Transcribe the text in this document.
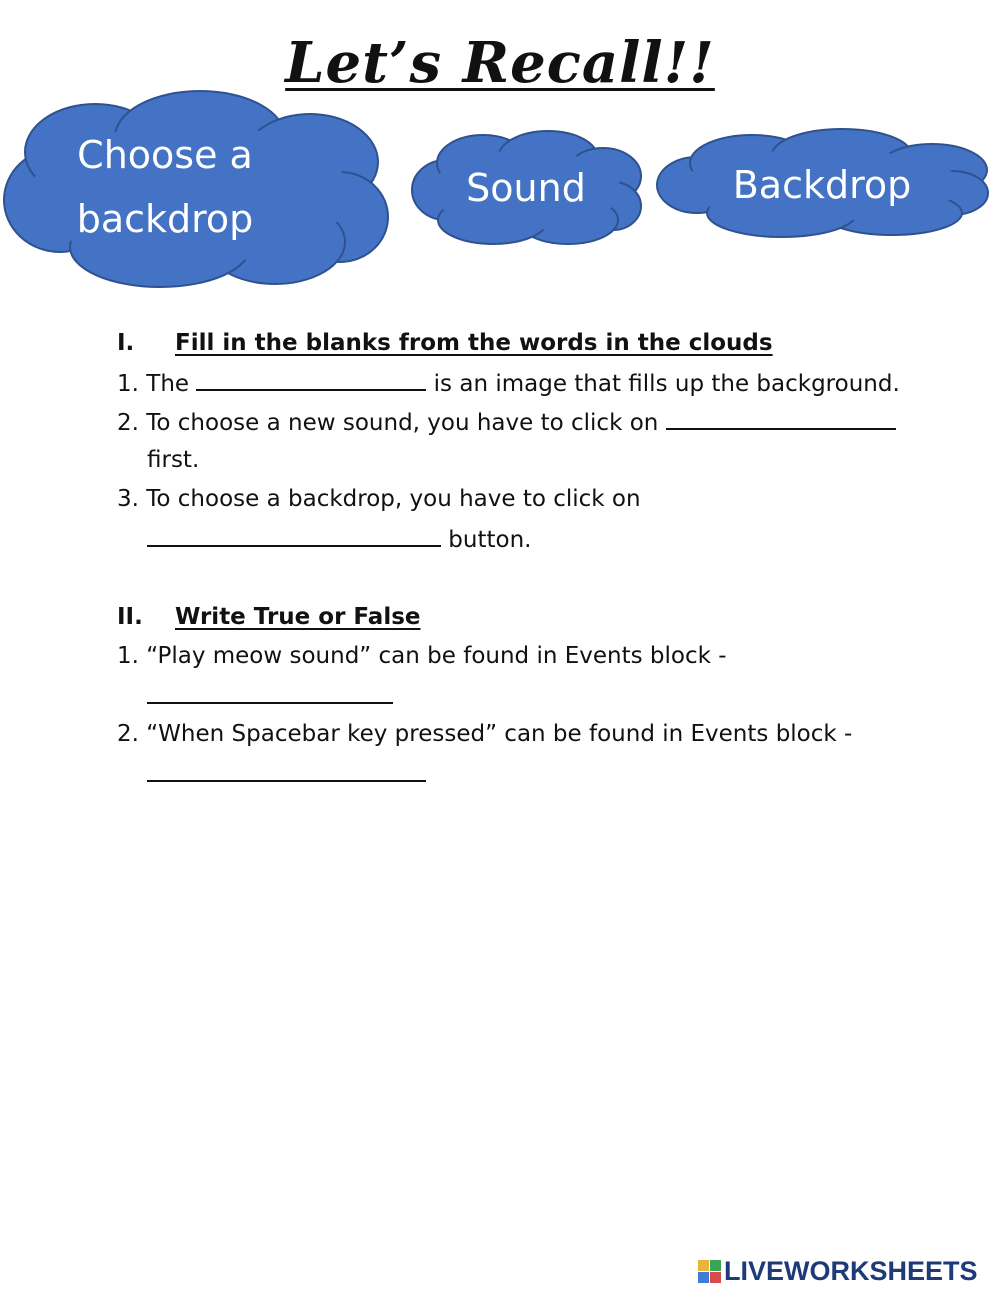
Let’s Recall!!
Choose a
backdrop
Sound	Backdrop
I. Fill in the blanks from the words in the clouds
1. The	is an image that fills up the background.
2. To choose a new sound, you have to click on
first.
3. To choose a backdrop, you have to click on
button.
II. Write True or False
1. “Play meow sound” can be found in Events block -
2. “When Spacebar key pressed” can be found in Events block -
LIVEWORKSHEETS
